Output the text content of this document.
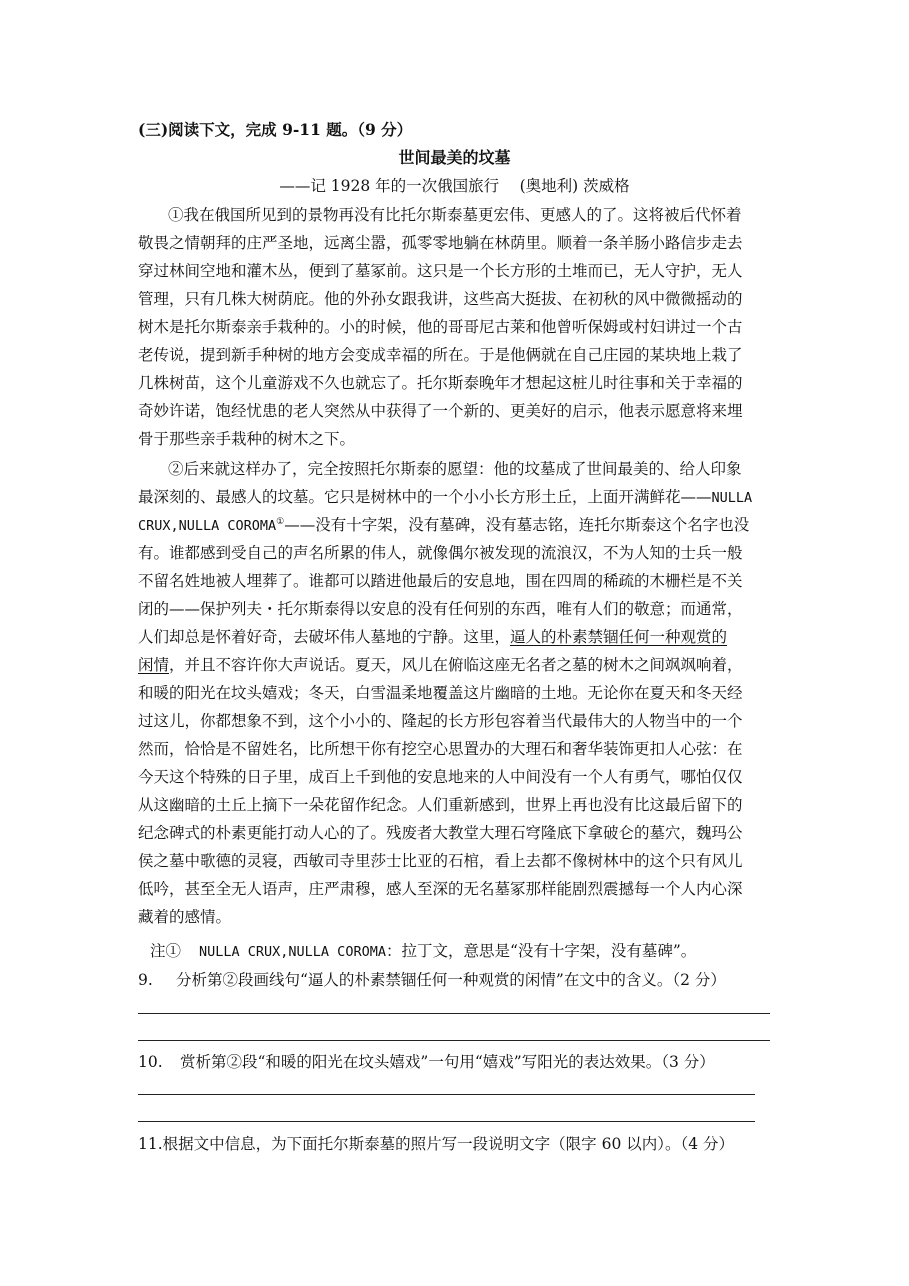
(三)阅读下文，完成 9-11 题。（9 分）
世间最美的坟墓
——记 1928 年的一次俄国旅行　 (奥地利) 茨威格
①我在俄国所见到的景物再没有比托尔斯泰墓更宏伟、更感人的了。这将被后代怀着
敬畏之情朝拜的庄严圣地，远离尘嚣，孤零零地躺在林荫里。顺着一条羊肠小路信步走去
穿过林间空地和灌木丛，便到了墓冢前。这只是一个长方形的土堆而已，无人守护，无人
管理，只有几株大树荫庇。他的外孙女跟我讲，这些高大挺拔、在初秋的风中微微摇动的
树木是托尔斯泰亲手栽种的。小的时候，他的哥哥尼古莱和他曾听保姆或村妇讲过一个古
老传说，提到新手种树的地方会变成幸福的所在。于是他俩就在自己庄园的某块地上栽了
几株树苗，这个儿童游戏不久也就忘了。托尔斯泰晚年才想起这桩儿时往事和关于幸福的
奇妙许诺，饱经忧患的老人突然从中获得了一个新的、更美好的启示，他表示愿意将来埋
骨于那些亲手栽种的树木之下。
②后来就这样办了，完全按照托尔斯泰的愿望：他的坟墓成了世间最美的、给人印象
最深刻的、最感人的坟墓。它只是树林中的一个小小长方形土丘，上面开满鲜花——NULLA
CRUX,NULLA COROMA①——没有十字架，没有墓碑，没有墓志铭，连托尔斯泰这个名字也没
有。谁都感到受自己的声名所累的伟人，就像偶尔被发现的流浪汉，不为人知的士兵一般
不留名姓地被人埋葬了。谁都可以踏进他最后的安息地，围在四周的稀疏的木栅栏是不关
闭的——保护列夫・托尔斯泰得以安息的没有任何别的东西，唯有人们的敬意；而通常，
人们却总是怀着好奇，去破坏伟人墓地的宁静。这里，逼人的朴素禁锢任何一种观赏的
闲情，并且不容许你大声说话。夏天，风儿在俯临这座无名者之墓的树木之间飒飒响着，
和暖的阳光在坟头嬉戏；冬天，白雪温柔地覆盖这片幽暗的土地。无论你在夏天和冬天经
过这儿，你都想象不到，这个小小的、隆起的长方形包容着当代最伟大的人物当中的一个
然而，恰恰是不留姓名，比所想干你有挖空心思置办的大理石和奢华装饰更扣人心弦：在
今天这个特殊的日子里，成百上千到他的安息地来的人中间没有一个人有勇气，哪怕仅仅
从这幽暗的土丘上摘下一朵花留作纪念。人们重新感到，世界上再也没有比这最后留下的
纪念碑式的朴素更能打动人心的了。残废者大教堂大理石穹隆底下拿破仑的墓穴，魏玛公
侯之墓中歌德的灵寝，西敏司寺里莎士比亚的石棺，看上去都不像树林中的这个只有风儿
低吟，甚至全无人语声，庄严肃穆，感人至深的无名墓冢那样能剧烈震撼每一个人内心深
藏着的感情。
注① NULLA CRUX,NULLA COROMA：拉丁文，意思是“没有十字架，没有墓碑”。
9. 分析第②段画线句“逼人的朴素禁锢任何一种观赏的闲情”在文中的含义。（2 分）
10. 赏析第②段“和暖的阳光在坟头嬉戏”一句用“嬉戏”写阳光的表达效果。（3 分）
11.根据文中信息，为下面托尔斯泰墓的照片写一段说明文字（限字 60 以内）。（4 分）
